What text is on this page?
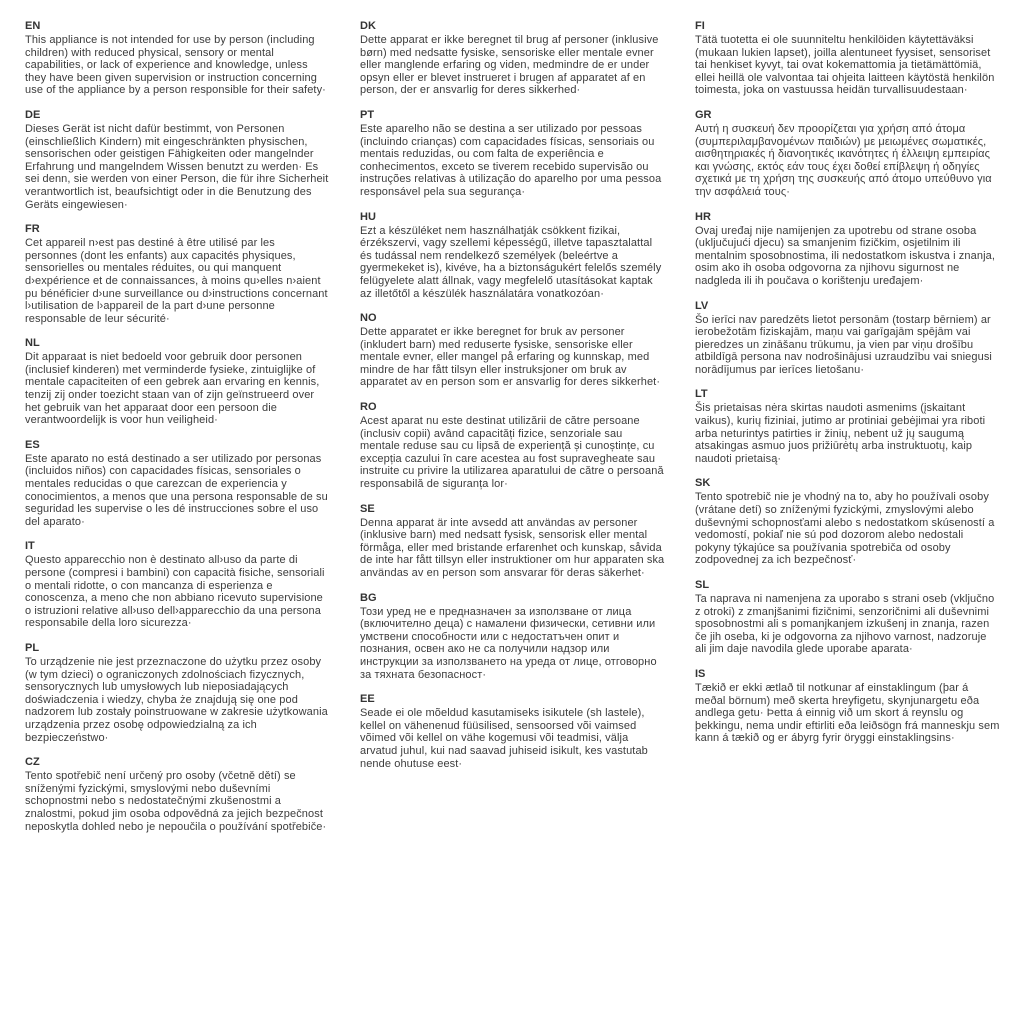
EN

This appliance is not intended for use by person (including children) with reduced physical, sensory or mental capabilities, or lack of experience and knowledge, unless they have been given supervision or instruction concerning use of the appliance by a person responsible for their safety·

DE

Dieses Gerät ist nicht dafür bestimmt, von Personen (einschließlich Kindern) mit eingeschränkten physischen, sensorischen oder geistigen Fähigkeiten oder mangelnder Erfahrung und mangelndem Wissen benutzt zu werden· Es sei denn, sie werden von einer Person, die für ihre Sicherheit verantwortlich ist, beaufsichtigt oder in die Benutzung des Geräts eingewiesen·

FR

Cet appareil n›est pas destiné à être utilisé par les personnes (dont les enfants) aux capacités physiques, sensorielles ou mentales réduites, ou qui manquent d›expérience et de connaissances, à moins qu›elles n›aient pu bénéficier d›une surveillance ou d›instructions concernant l›utilisation de l›appareil de la part d›une personne responsable de leur sécurité·

NL

Dit apparaat is niet bedoeld voor gebruik door personen (inclusief kinderen) met verminderde fysieke, zintuiglijke of mentale capaciteiten of een gebrek aan ervaring en kennis, tenzij zij onder toezicht staan van of zijn geïnstrueerd over het gebruik van het apparaat door een persoon die verantwoordelijk is voor hun veiligheid·

ES

Este aparato no está destinado a ser utilizado por personas (incluidos niños) con capacidades físicas, sensoriales o mentales reducidas o que carezcan de experiencia y conocimientos, a menos que una persona responsable de su seguridad les supervise o les dé instrucciones sobre el uso del aparato·

IT

Questo apparecchio non è destinato all›uso da parte di persone (compresi i bambini) con capacità fisiche, sensoriali o mentali ridotte, o con mancanza di esperienza e conoscenza, a meno che non abbiano ricevuto supervisione o istruzioni relative all›uso dell›apparecchio da una persona responsabile della loro sicurezza·

PL

To urządzenie nie jest przeznaczone do użytku przez osoby (w tym dzieci) o ograniczonych zdolnościach fizycznych, sensorycznych lub umysłowych lub nieposiadających doświadczenia i wiedzy, chyba że znajdują się one pod nadzorem lub zostały poinstruowane w zakresie użytkowania urządzenia przez osobę odpowiedzialną za ich bezpieczeństwo·

CZ

Tento spotřebič není určený pro osoby (včetně dětí) se sníženými fyzickými, smyslovými nebo duševními schopnostmi nebo s nedostatečnými zkušenostmi a znalostmi, pokud jim osoba odpovědná za jejich bezpečnost neposkytla dohled nebo je nepoučila o používání spotřebiče·

DK

Dette apparat er ikke beregnet til brug af personer (inklusive børn) med nedsatte fysiske, sensoriske eller mentale evner eller manglende erfaring og viden, medmindre de er under opsyn eller er blevet instrueret i brugen af apparatet af en person, der er ansvarlig for deres sikkerhed·

PT

Este aparelho não se destina a ser utilizado por pessoas (incluindo crianças) com capacidades físicas, sensoriais ou mentais reduzidas, ou com falta de experiência e conhecimentos, exceto se tiverem recebido supervisão ou instruções relativas à utilização do aparelho por uma pessoa responsável pela sua segurança·

HU

Ezt a készüléket nem használhatják csökkent fizikai, érzékszervi, vagy szellemi képességű, illetve tapasztalattal és tudással nem rendelkező személyek (beleértve a gyermekeket is), kivéve, ha a biztonságukért felelős személy felügyelete alatt állnak, vagy megfelelő utasításokat kaptak az illetőtől a készülék használatára vonatkozóan·

NO

Dette apparatet er ikke beregnet for bruk av personer (inkludert barn) med reduserte fysiske, sensoriske eller mentale evner, eller mangel på erfaring og kunnskap, med mindre de har fått tilsyn eller instruksjoner om bruk av apparatet av en person som er ansvarlig for deres sikkerhet·

RO

Acest aparat nu este destinat utilizării de către persoane (inclusiv copii) având capacități fizice, senzoriale sau mentale reduse sau cu lipsă de experiență și cunoștințe, cu excepția cazului în care acestea au fost supravegheate sau instruite cu privire la utilizarea aparatului de către o persoană responsabilă de siguranța lor·

SE

Denna apparat är inte avsedd att användas av personer (inklusive barn) med nedsatt fysisk, sensorisk eller mental förmåga, eller med bristande erfarenhet och kunskap, såvida de inte har fått tillsyn eller instruktioner om hur apparaten ska användas av en person som ansvarar för deras säkerhet·

BG

Този уред не е предназначен за използване от лица (включително деца) с намалени физически, сетивни или умствени способности или с недостатъчен опит и познания, освен ако не са получили надзор или инструкции за използването на уреда от лице, отговорно за тяхната безопасност·

EE

Seade ei ole mõeldud kasutamiseks isikutele (sh lastele), kellel on vähenenud füüsilised, sensoorsed või vaimsed võimed või kellel on vähe kogemusi või teadmisi, välja arvatud juhul, kui nad saavad juhiseid isikult, kes vastutab nende ohutuse eest·

FI

Tätä tuotetta ei ole suunniteltu henkilöiden käytettäväksi (mukaan lukien lapset), joilla alentuneet fyysiset, sensoriset tai henkiset kyvyt, tai ovat kokemattomia ja tietämättömiä, ellei heillä ole valvontaa tai ohjeita laitteen käytöstä henkilön toimesta, joka on vastuussa heidän turvallisuudestaan·

GR

Αυτή η συσκευή δεν προορίζεται για χρήση από άτομα (συμπεριλαμβανομένων παιδιών) με μειωμένες σωματικές, αισθητηριακές ή διανοητικές ικανότητες ή έλλειψη εμπειρίας και γνώσης, εκτός εάν τους έχει δοθεί επίβλεψη ή οδηγίες σχετικά με τη χρήση της συσκευής από άτομο υπεύθυνο για την ασφάλειά τους·

HR

Ovaj uređaj nije namijenjen za upotrebu od strane osoba (uključujući djecu) sa smanjenim fizičkim, osjetilnim ili mentalnim sposobnostima, ili nedostatkom iskustva i znanja, osim ako ih osoba odgovorna za njihovu sigurnost ne nadgleda ili ih poučava o korištenju uređajem·

LV

Šo ierīci nav paredzēts lietot personām (tostarp bērniem) ar ierobežotām fiziskajām, maņu vai garīgajām spējām vai pieredzes un zināšanu trūkumu, ja vien par viņu drošību atbildīgā persona nav nodrošinājusi uzraudzību vai sniegusi norādījumus par ierīces lietošanu·

LT

Šis prietaisas nėra skirtas naudoti asmenims (įskaitant vaikus), kurių fiziniai, jutimo ar protiniai gebėjimai yra riboti arba neturintys patirties ir žinių, nebent už jų saugumą atsakingas asmuo juos prižiūrėtų arba instruktuotų, kaip naudoti prietaisą·

SK

Tento spotrebič nie je vhodný na to, aby ho používali osoby (vrátane detí) so zníženými fyzickými, zmyslovými alebo duševnými schopnosťami alebo s nedostatkom skúseností a vedomostí, pokiaľ nie sú pod dozorom alebo nedostali pokyny týkajúce sa používania spotrebiča od osoby zodpovednej za ich bezpečnosť·

SL

Ta naprava ni namenjena za uporabo s strani oseb (vključno z otroki) z zmanjšanimi fizičnimi, senzoričnimi ali duševnimi sposobnostmi ali s pomanjkanjem izkušenj in znanja, razen če jih oseba, ki je odgovorna za njihovo varnost, nadzoruje ali jim daje navodila glede uporabe aparata·

IS

Tækið er ekki ætlað til notkunar af einstaklingum (þar á meðal börnum) með skerta hreyfigetu, skynjunargetu eða andlega getu· Þetta á einnig við um skort á reynslu og þekkingu, nema undir eftirliti eða leiðsögn frá manneskju sem kann á tækið og er ábyrg fyrir öryggi einstaklingsins·
